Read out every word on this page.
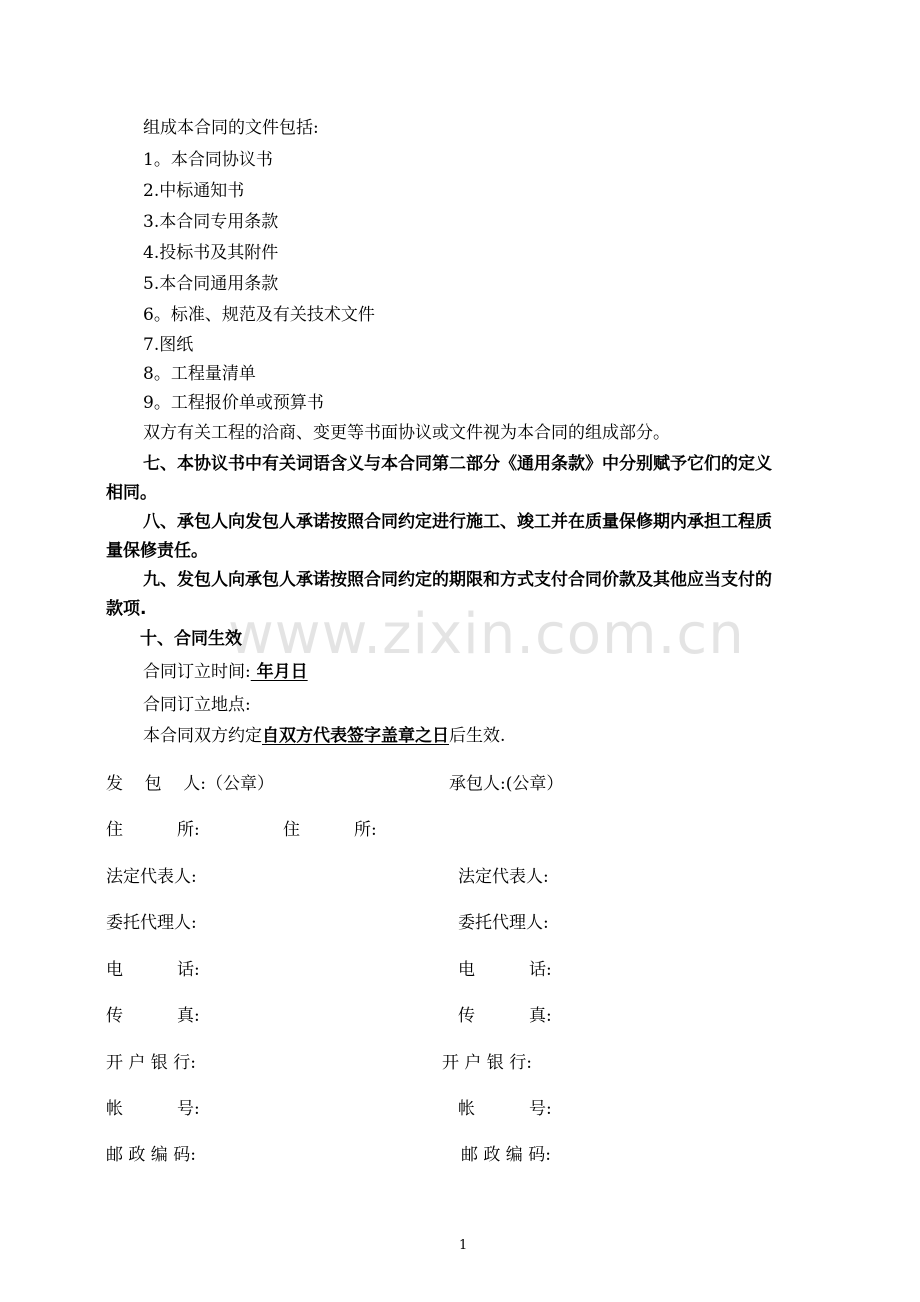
www.zixin.com.cn
组成本合同的文件包括:
1。本合同协议书
2.中标通知书
3.本合同专用条款
4.投标书及其附件
5.本合同通用条款
6。标准、规范及有关技术文件
7.图纸
8。工程量清单
9。工程报价单或预算书
双方有关工程的洽商、变更等书面协议或文件视为本合同的组成部分。
七、本协议书中有关词语含义与本合同第二部分《通用条款》中分别赋予它们的定义
相同。
八、承包人向发包人承诺按照合同约定进行施工、竣工并在质量保修期内承担工程质
量保修责任。
九、发包人向承包人承诺按照合同约定的期限和方式支付合同价款及其他应当支付的
款项.
十、合同生效
合同订立时间: 年月日
合同订立地点:
本合同双方约定自双方代表签字盖章之日后生效.
发    包    人:（公章）
住          所:
法定代表人:
委托代理人:
电          话:
传          真:
开 户 银 行:
帐          号:
邮 政 编 码:
承包人:(公章）
住          所:
法定代表人:
委托代理人:
电          话:
传          真:
开 户 银 行:
帐          号:
邮 政 编 码:
1
